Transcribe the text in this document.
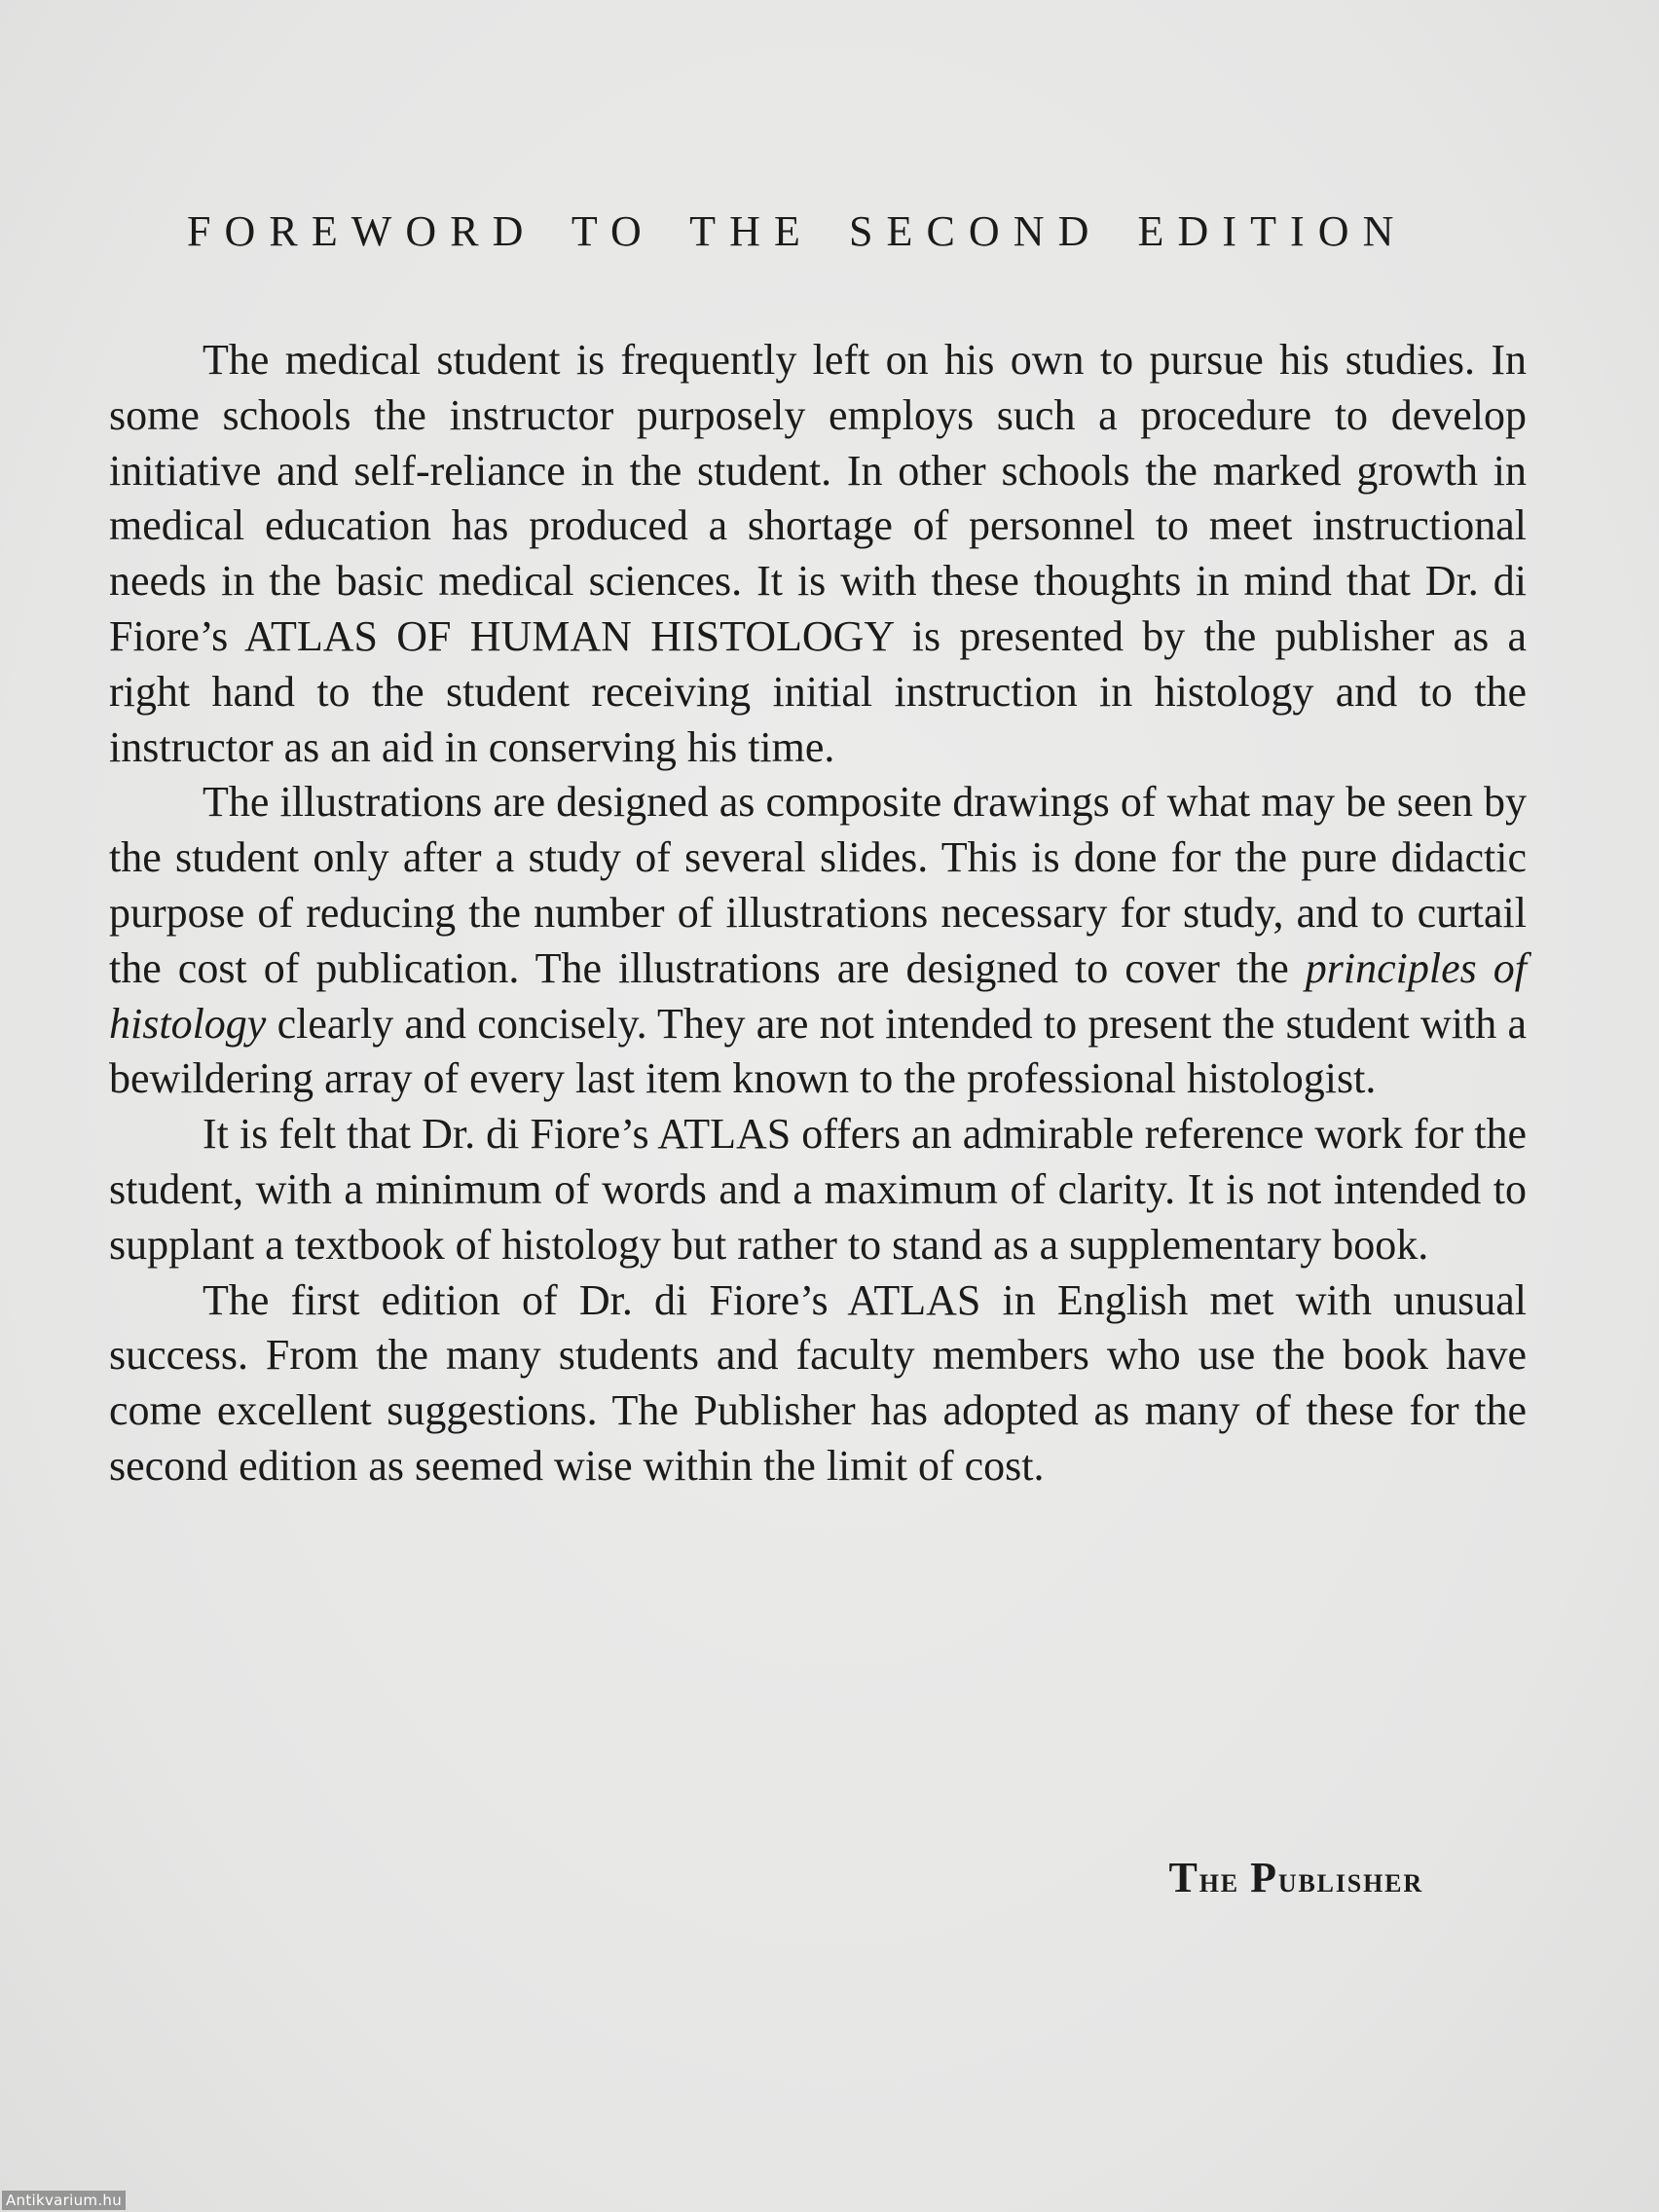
FOREWORD TO THE SECOND EDITION

The medical student is frequently left on his own to pursue his studies. In some schools the instructor purposely employs such a procedure to develop initiative and self-reliance in the student. In other schools the marked growth in medical education has produced a shortage of personnel to meet instructional needs in the basic medical sciences. It is with these thoughts in mind that Dr. di Fiore’s ATLAS OF HUMAN HISTOLOGY is presented by the publisher as a right hand to the student receiving initial instruction in histology and to the instructor as an aid in conserving his time.

The illustrations are designed as composite drawings of what may be seen by the student only after a study of several slides. This is done for the pure didactic purpose of reducing the number of illustrations necessary for study, and to curtail the cost of publication. The illustrations are designed to cover the principles of histology clearly and concisely. They are not intended to present the student with a bewildering array of every last item known to the professional histologist.

It is felt that Dr. di Fiore’s ATLAS offers an admirable reference work for the student, with a minimum of words and a maximum of clarity. It is not intended to supplant a textbook of histology but rather to stand as a supplementary book.

The first edition of Dr. di Fiore’s ATLAS in English met with unusual success. From the many students and faculty members who use the book have come excellent suggestions. The Publisher has adopted as many of these for the second edition as seemed wise within the limit of cost.

The Publisher
Antikvarium.hu
